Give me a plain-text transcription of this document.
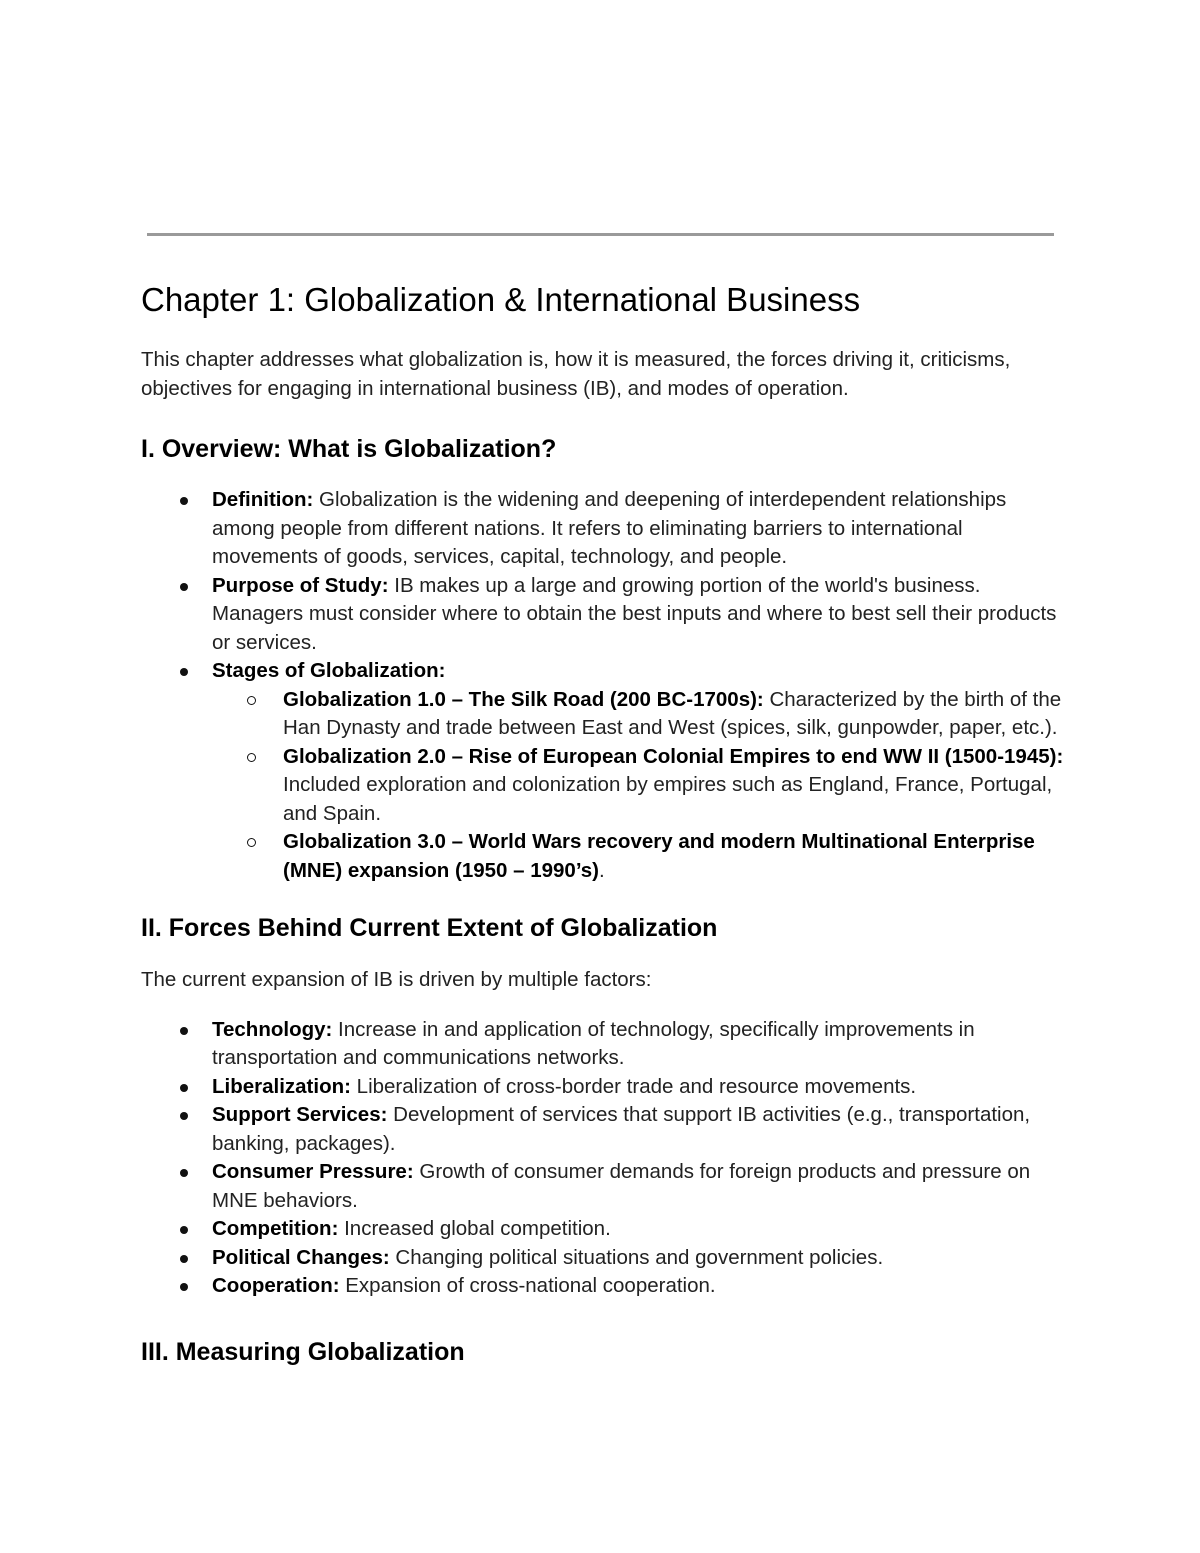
Chapter 1: Globalization & International Business

This chapter addresses what globalization is, how it is measured, the forces driving it, criticisms, objectives for engaging in international business (IB), and modes of operation.

I. Overview: What is Globalization?
Definition: Globalization is the widening and deepening of interdependent relationships among people from different nations. It refers to eliminating barriers to international movements of goods, services, capital, technology, and people.
Purpose of Study: IB makes up a large and growing portion of the world's business. Managers must consider where to obtain the best inputs and where to best sell their products or services.
Stages of Globalization:
Globalization 1.0 – The Silk Road (200 BC-1700s): Characterized by the birth of the Han Dynasty and trade between East and West (spices, silk, gunpowder, paper, etc.).
Globalization 2.0 – Rise of European Colonial Empires to end WW II (1500-1945): Included exploration and colonization by empires such as England, France, Portugal, and Spain.
Globalization 3.0 – World Wars recovery and modern Multinational Enterprise (MNE) expansion (1950 – 1990’s).
II. Forces Behind Current Extent of Globalization

The current expansion of IB is driven by multiple factors:

Technology: Increase in and application of technology, specifically improvements in transportation and communications networks.
Liberalization: Liberalization of cross-border trade and resource movements.
Support Services: Development of services that support IB activities (e.g., transportation, banking, packages).
Consumer Pressure: Growth of consumer demands for foreign products and pressure on MNE behaviors.
Competition: Increased global competition.
Political Changes: Changing political situations and government policies.
Cooperation: Expansion of cross-national cooperation.
III. Measuring Globalization
